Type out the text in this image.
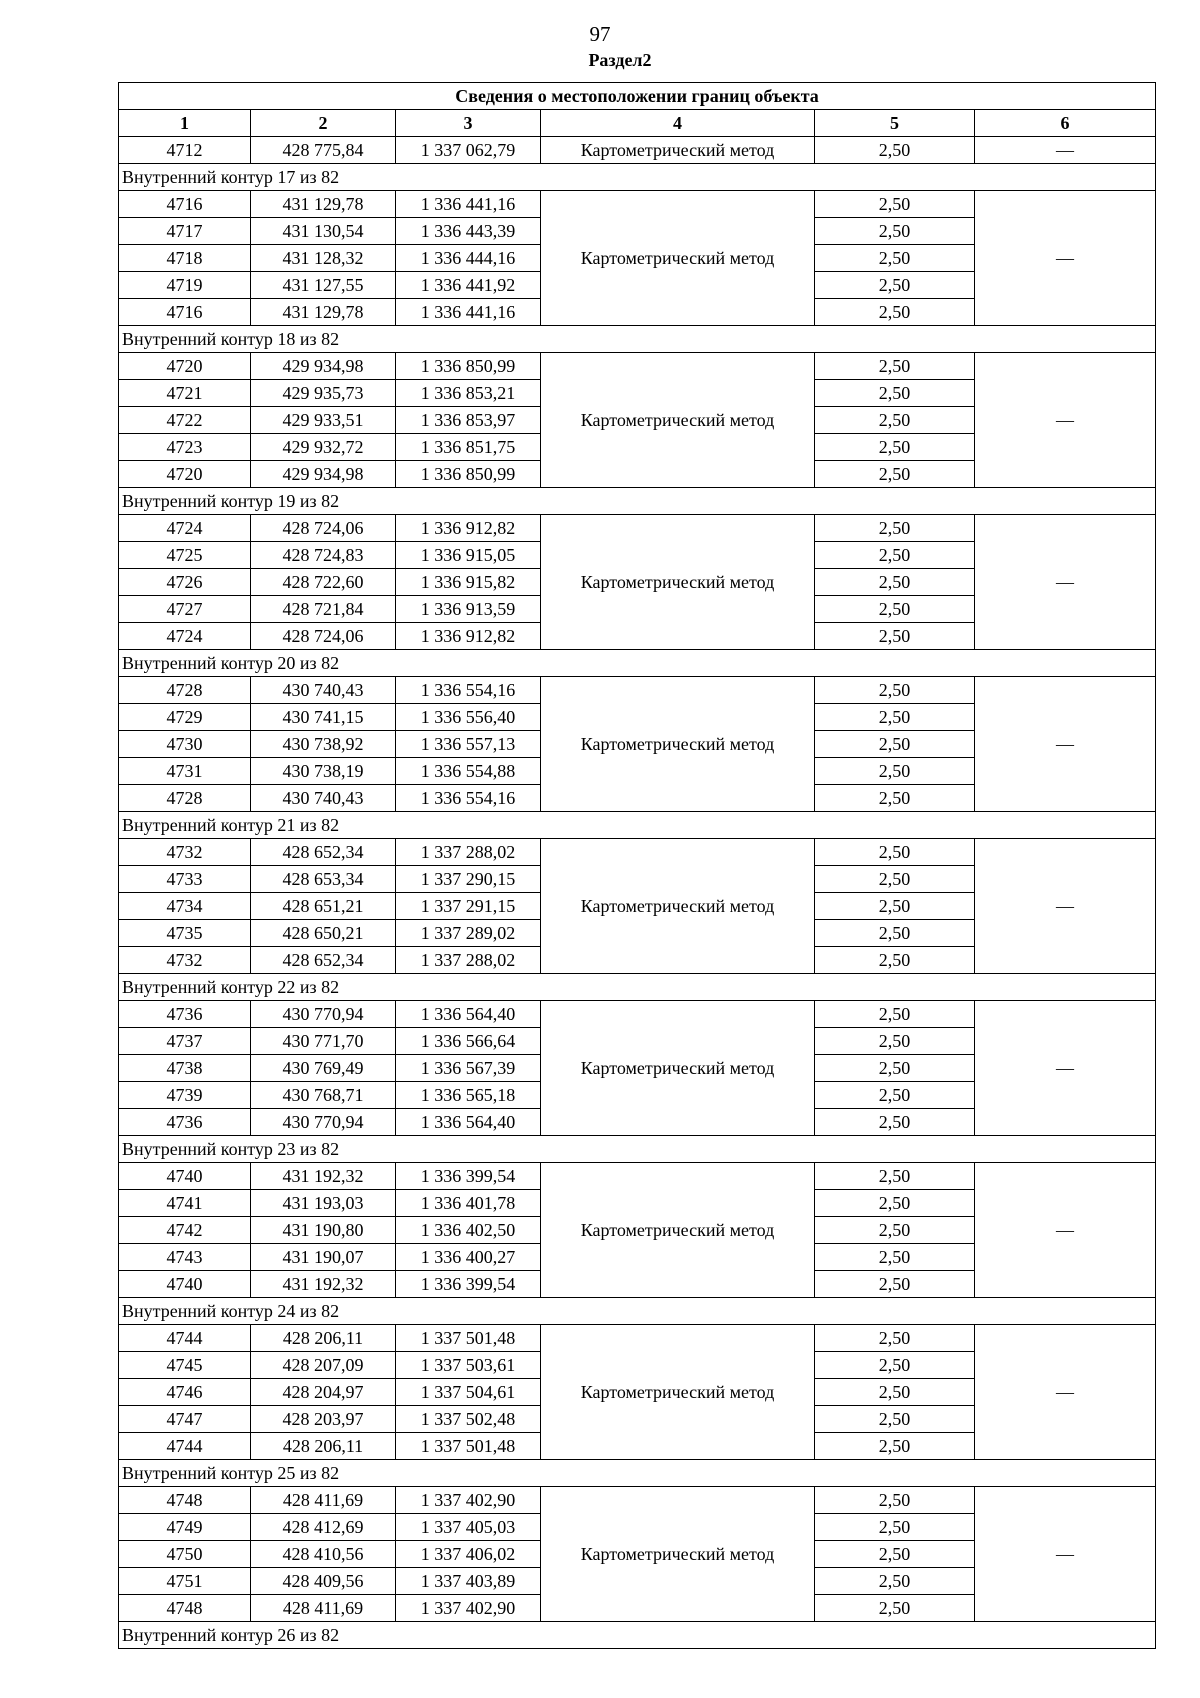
97
Раздел2
Сведения о местоположении границ объекта					
1	2	3	4	5	6
4712	428 775,84	1 337 062,79	Картометрический метод	2,50	—
Внутренний контур 17 из 82					
4716	431 129,78	1 336 441,16	Картометрический метод	2,50	—
4717	431 130,54	1 336 443,39		2,50	
4718	431 128,32	1 336 444,16		2,50	
4719	431 127,55	1 336 441,92		2,50	
4716	431 129,78	1 336 441,16		2,50	
Внутренний контур 18 из 82					
4720	429 934,98	1 336 850,99	Картометрический метод	2,50	—
4721	429 935,73	1 336 853,21		2,50	
4722	429 933,51	1 336 853,97		2,50	
4723	429 932,72	1 336 851,75		2,50	
4720	429 934,98	1 336 850,99		2,50	
Внутренний контур 19 из 82					
4724	428 724,06	1 336 912,82	Картометрический метод	2,50	—
4725	428 724,83	1 336 915,05		2,50	
4726	428 722,60	1 336 915,82		2,50	
4727	428 721,84	1 336 913,59		2,50	
4724	428 724,06	1 336 912,82		2,50	
Внутренний контур 20 из 82					
4728	430 740,43	1 336 554,16	Картометрический метод	2,50	—
4729	430 741,15	1 336 556,40		2,50	
4730	430 738,92	1 336 557,13		2,50	
4731	430 738,19	1 336 554,88		2,50	
4728	430 740,43	1 336 554,16		2,50	
Внутренний контур 21 из 82					
4732	428 652,34	1 337 288,02	Картометрический метод	2,50	—
4733	428 653,34	1 337 290,15		2,50	
4734	428 651,21	1 337 291,15		2,50	
4735	428 650,21	1 337 289,02		2,50	
4732	428 652,34	1 337 288,02		2,50	
Внутренний контур 22 из 82					
4736	430 770,94	1 336 564,40	Картометрический метод	2,50	—
4737	430 771,70	1 336 566,64		2,50	
4738	430 769,49	1 336 567,39		2,50	
4739	430 768,71	1 336 565,18		2,50	
4736	430 770,94	1 336 564,40		2,50	
Внутренний контур 23 из 82					
4740	431 192,32	1 336 399,54	Картометрический метод	2,50	—
4741	431 193,03	1 336 401,78		2,50	
4742	431 190,80	1 336 402,50		2,50	
4743	431 190,07	1 336 400,27		2,50	
4740	431 192,32	1 336 399,54		2,50	
Внутренний контур 24 из 82					
4744	428 206,11	1 337 501,48	Картометрический метод	2,50	—
4745	428 207,09	1 337 503,61		2,50	
4746	428 204,97	1 337 504,61		2,50	
4747	428 203,97	1 337 502,48		2,50	
4744	428 206,11	1 337 501,48		2,50	
Внутренний контур 25 из 82					
4748	428 411,69	1 337 402,90	Картометрический метод	2,50	—
4749	428 412,69	1 337 405,03		2,50	
4750	428 410,56	1 337 406,02		2,50	
4751	428 409,56	1 337 403,89		2,50	
4748	428 411,69	1 337 402,90		2,50	
Внутренний контур 26 из 82					
